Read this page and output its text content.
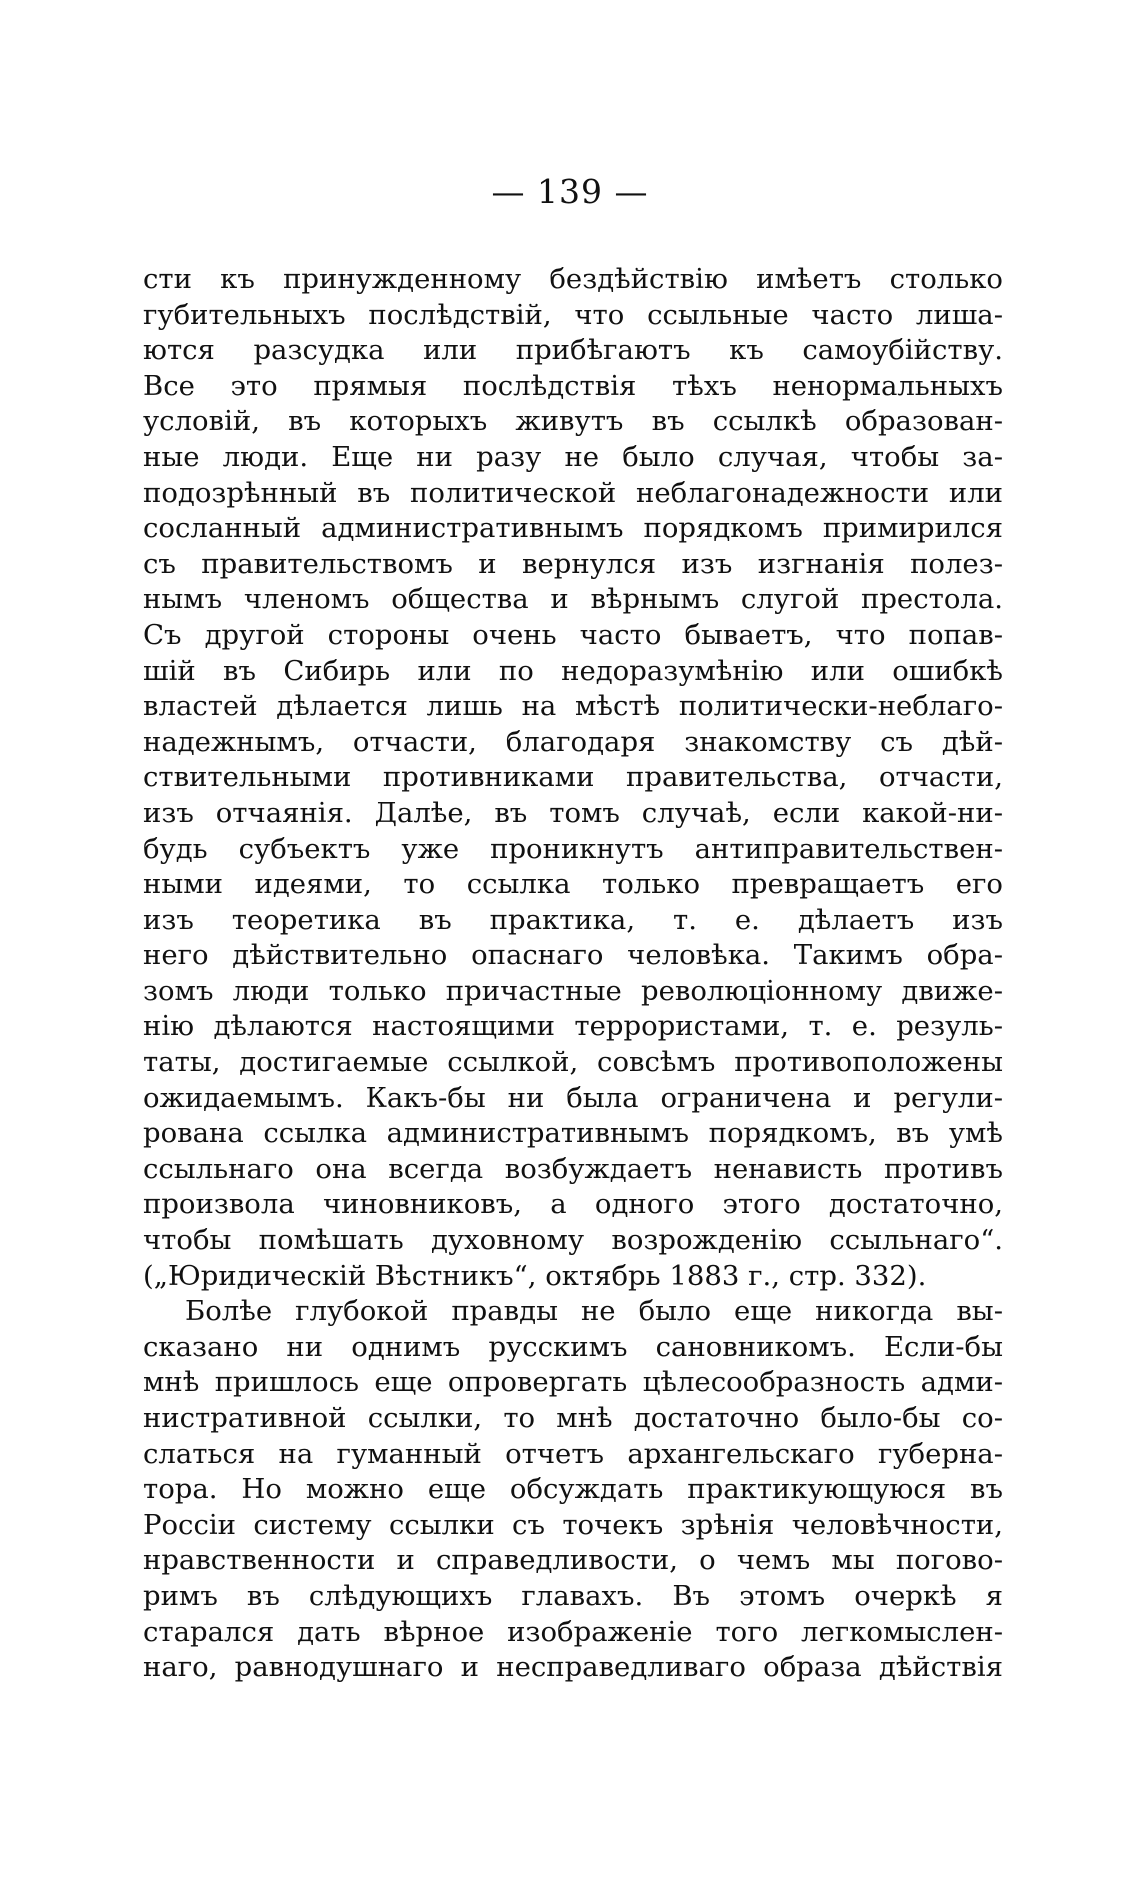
— 139 —
сти къ принужденному бездѣйствію имѣетъ столько
губительныхъ послѣдствій, что ссыльные часто лиша-
ются разсудка или прибѣгаютъ къ самоубійству.
Все это прямыя послѣдствія тѣхъ ненормальныхъ
условій, въ которыхъ живутъ въ ссылкѣ образован-
ные люди. Еще ни разу не было случая, чтобы за-
подозрѣнный въ политической неблагонадежности или
сосланный административнымъ порядкомъ примирился
съ правительствомъ и вернулся изъ изгнанія полез-
нымъ членомъ общества и вѣрнымъ слугой престола.
Съ другой стороны очень часто бываетъ, что попав-
шій въ Сибирь или по недоразумѣнію или ошибкѣ
властей дѣлается лишь на мѣстѣ политически-неблаго-
надежнымъ, отчасти, благодаря знакомству съ дѣй-
ствительными противниками правительства, отчасти,
изъ отчаянія. Далѣе, въ томъ случаѣ, если какой-ни-
будь субъектъ уже проникнутъ антиправительствен-
ными идеями, то ссылка только превращаетъ его
изъ теоретика въ практика, т. е. дѣлаетъ изъ
него дѣйствительно опаснаго человѣка. Такимъ обра-
зомъ люди только причастные революціонному движе-
нію дѣлаются настоящими террористами, т. е. резуль-
таты, достигаемые ссылкой, совсѣмъ противоположены
ожидаемымъ. Какъ-бы ни была ограничена и регули-
рована ссылка административнымъ порядкомъ, въ умѣ
ссыльнаго она всегда возбуждаетъ ненависть противъ
произвола чиновниковъ, а одного этого достаточно,
чтобы помѣшать духовному возрожденію ссыльнаго“.
(„Юридическій Вѣстникъ“, октябрь 1883 г., стр. 332).
Болѣе глубокой правды не было еще никогда вы-
сказано ни однимъ русскимъ сановникомъ. Если-бы
мнѣ пришлось еще опровергать цѣлесообразность адми-
нистративной ссылки, то мнѣ достаточно было-бы со-
слаться на гуманный отчетъ архангельскаго губерна-
тора. Но можно еще обсуждать практикующуюся въ
Россіи систему ссылки съ точекъ зрѣнія человѣчности,
нравственности и справедливости, о чемъ мы погово-
римъ въ слѣдующихъ главахъ. Въ этомъ очеркѣ я
старался дать вѣрное изображеніе того легкомыслен-
наго, равнодушнаго и несправедливаго образа дѣйствія
